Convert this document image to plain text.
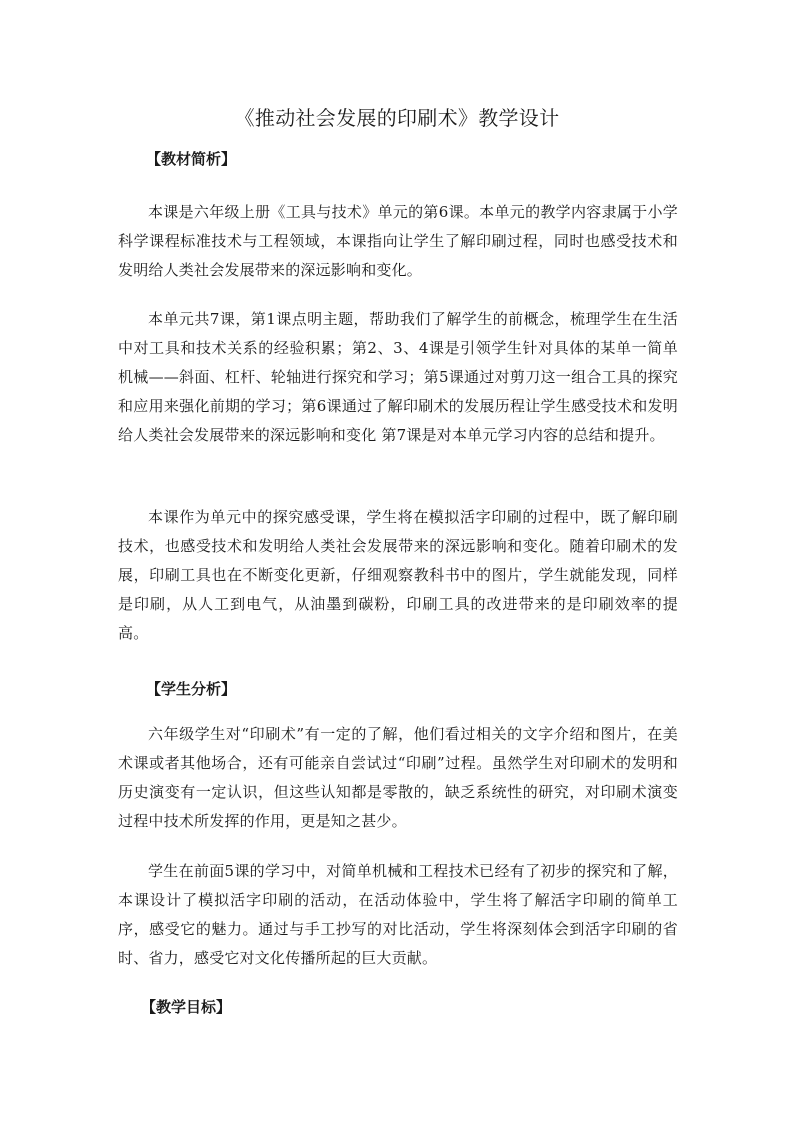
《推动社会发展的印刷术》教学设计
【教材简析】
本课是六年级上册《工具与技术》单元的第6课。本单元的教学内容隶属于小学科学课程标准技术与工程领域，本课指向让学生了解印刷过程，同时也感受技术和发明给人类社会发展带来的深远影响和变化。
本单元共7课，第1课点明主题，帮助我们了解学生的前概念，梳理学生在生活中对工具和技术关系的经验积累；第2、3、4课是引领学生针对具体的某单一简单机械——斜面、杠杆、轮轴进行探究和学习；第5课通过对剪刀这一组合工具的探究和应用来强化前期的学习；第6课通过了解印刷术的发展历程让学生感受技术和发明给人类社会发展带来的深远影响和变化 第7课是对本单元学习内容的总结和提升。
本课作为单元中的探究感受课，学生将在模拟活字印刷的过程中，既了解印刷技术，也感受技术和发明给人类社会发展带来的深远影响和变化。随着印刷术的发展，印刷工具也在不断变化更新，仔细观察教科书中的图片，学生就能发现，同样是印刷，从人工到电气，从油墨到碳粉，印刷工具的改进带来的是印刷效率的提高。
【学生分析】
六年级学生对“印刷术”有一定的了解，他们看过相关的文字介绍和图片，在美术课或者其他场合，还有可能亲自尝试过“印刷”过程。虽然学生对印刷术的发明和历史演变有一定认识，但这些认知都是零散的，缺乏系统性的研究，对印刷术演变过程中技术所发挥的作用，更是知之甚少。
学生在前面5课的学习中，对简单机械和工程技术已经有了初步的探究和了解，本课设计了模拟活字印刷的活动，在活动体验中，学生将了解活字印刷的简单工序，感受它的魅力。通过与手工抄写的对比活动，学生将深刻体会到活字印刷的省时、省力，感受它对文化传播所起的巨大贡献。
【教学目标】
